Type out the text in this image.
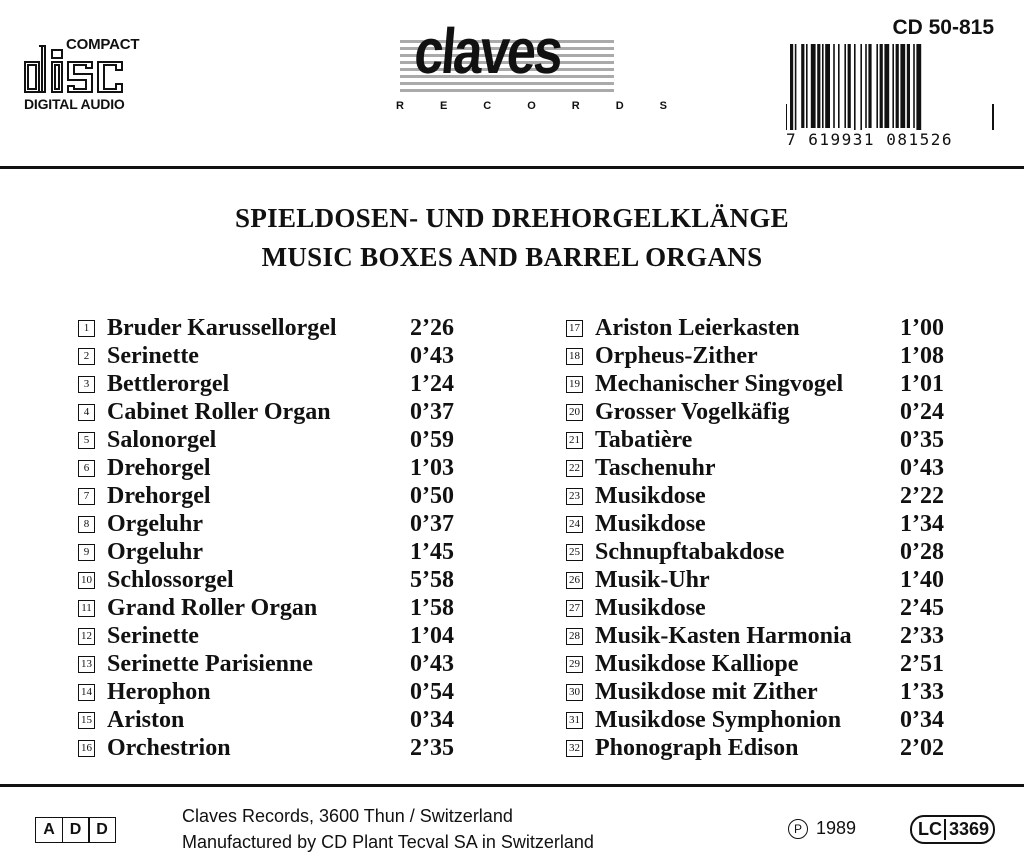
COMPACT
DIGITAL AUDIO
claves
RECORDS
CD 50-815
7 619931 081526
SPIELDOSEN- UND DREHORGELKLÄNGE
MUSIC BOXES AND BARREL ORGANS
1 Bruder Karussellorgel	2’26
2 Serinette	0’43
3 Bettlerorgel	1’24
4 Cabinet Roller Organ	0’37
5 Salonorgel	0’59
6 Drehorgel	1’03
7 Drehorgel	0’50
8 Orgeluhr	0’37
9 Orgeluhr	1’45
10 Schlossorgel	5’58
11 Grand Roller Organ	1’58
12 Serinette	1’04
13 Serinette Parisienne	0’43
14 Herophon	0’54
15 Ariston	0’34
16 Orchestrion	2’35
17 Ariston Leierkasten	1’00
18 Orpheus-Zither	1’08
19 Mechanischer Singvogel 1’01
20 Grosser Vogelkäfig	0’24
21 Tabatière	0’35
22 Taschenuhr	0’43
23 Musikdose	2’22
24 Musikdose	1’34
25 Schnupftabakdose	0’28
26 Musik-Uhr	1’40
27 Musikdose	2’45
28 Musik-Kasten Harmonia 2’33
29 Musikdose Kalliope	2’51
30 Musikdose mit Zither	1’33
31 Musikdose Symphonion 0’34
32 Phonograph Edison	2’02
A D D
Claves Records, 3600 Thun / Switzerland
Manufactured by CD Plant Tecval SA in Switzerland
P 1989	LC 3369
